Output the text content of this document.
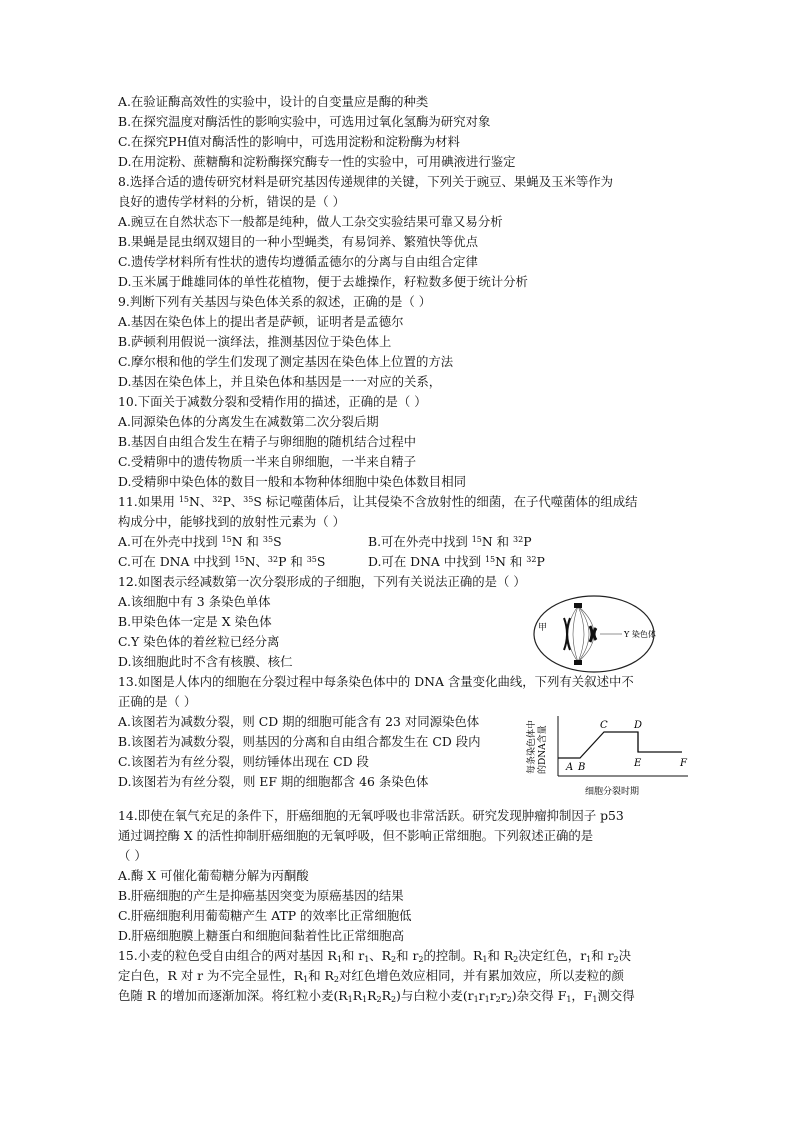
A.在验证酶高效性的实验中，设计的自变量应是酶的种类
B.在探究温度对酶活性的影响实验中，可选用过氧化氢酶为研究对象
C.在探究PH值对酶活性的影响中，可选用淀粉和淀粉酶为材料
D.在用淀粉、蔗糖酶和淀粉酶探究酶专一性的实验中，可用碘液进行鉴定
8.选择合适的遗传研究材料是研究基因传递规律的关键，下列关于豌豆、果蝇及玉米等作为
良好的遗传学材料的分析，错误的是（ ）
A.豌豆在自然状态下一般都是纯种，做人工杂交实验结果可靠又易分析
B.果蝇是昆虫纲双翅目的一种小型蝇类，有易饲养、繁殖快等优点
C.遗传学材料所有性状的遗传均遵循孟德尔的分离与自由组合定律
D.玉米属于雌雄同体的单性花植物，便于去雄操作，籽粒数多便于统计分析
9.判断下列有关基因与染色体关系的叙述，正确的是（ ）
A.基因在染色体上的提出者是萨顿，证明者是孟德尔
B.萨顿利用假说一演绎法，推测基因位于染色体上
C.摩尔根和他的学生们发现了测定基因在染色体上位置的方法
D.基因在染色体上，并且染色体和基因是一一对应的关系，
10.下面关于减数分裂和受精作用的描述，正确的是（ ）
A.同源染色体的分离发生在减数第二次分裂后期
B.基因自由组合发生在精子与卵细胞的随机结合过程中
C.受精卵中的遗传物质一半来自卵细胞，一半来自精子
D.受精卵中染色体的数目一般和本物种体细胞中染色体数目相同
11.如果用 $^{15}$N、$^{32}$P、$^{35}$S 标记噬菌体后，让其侵染不含放射性的细菌，在子代噬菌体的组成结
构成分中，能够找到的放射性元素为（ ）
A.可在外壳中找到 $^{15}$N 和 $^{35}$S	B.可在外壳中找到 $^{15}$N 和 $^{32}$P
C.可在 DNA 中找到 $^{15}$N、$^{32}$P 和 $^{35}$S	D.可在 DNA 中找到 $^{15}$N 和 $^{32}$P
12.如图表示经减数第一次分裂形成的子细胞，下列有关说法正确的是（ ）
A.该细胞中有 3 条染色单体
B.甲染色体一定是 X 染色体
C.Y 染色体的着丝粒已经分离
D.该细胞此时不含有核膜、核仁
13.如图是人体内的细胞在分裂过程中每条染色体中的 DNA 含量变化曲线，下列有关叙述中不
正确的是（ ）
A.该图若为减数分裂，则 CD 期的细胞可能含有 23 对同源染色体
B.该图若为减数分裂，则基因的分离和自由组合都发生在 CD 段内
C.该图若为有丝分裂，则纺锤体出现在 CD 段
D.该图若为有丝分裂，则 EF 期的细胞都含 46 条染色体
14.即使在氧气充足的条件下，肝癌细胞的无氧呼吸也非常活跃。研究发现肿瘤抑制因子 p53
通过调控酶 X 的活性抑制肝癌细胞的无氧呼吸，但不影响正常细胞。下列叙述正确的是
（ ）
A.酶 X 可催化葡萄糖分解为丙酮酸
B.肝癌细胞的产生是抑癌基因突变为原癌基因的结果
C.肝癌细胞利用葡萄糖产生 ATP 的效率比正常细胞低
D.肝癌细胞膜上糖蛋白和细胞间黏着性比正常细胞高
15.小麦的粒色受自由组合的两对基因 $R_1$和 $r_1$、$R_2$和 $r_2$的控制。$R_1$和 $R_2$决定红色，$r_1$和 $r_2$决
定白色，R 对 r 为不完全显性，$R_1$和 $R_2$对红色增色效应相同，并有累加效应，所以麦粒的颜
色随 R 的增加而逐渐加深。将红粒小麦$(R_1R_1R_2R_2)$与白粒小麦$(r_1r_1r_2r_2)$杂交得 $F_1$，$F_1$测交得
甲
Y 染色体
每条染色体中 的DNA含量 A B
C	D
E	F
细胞分裂时期
